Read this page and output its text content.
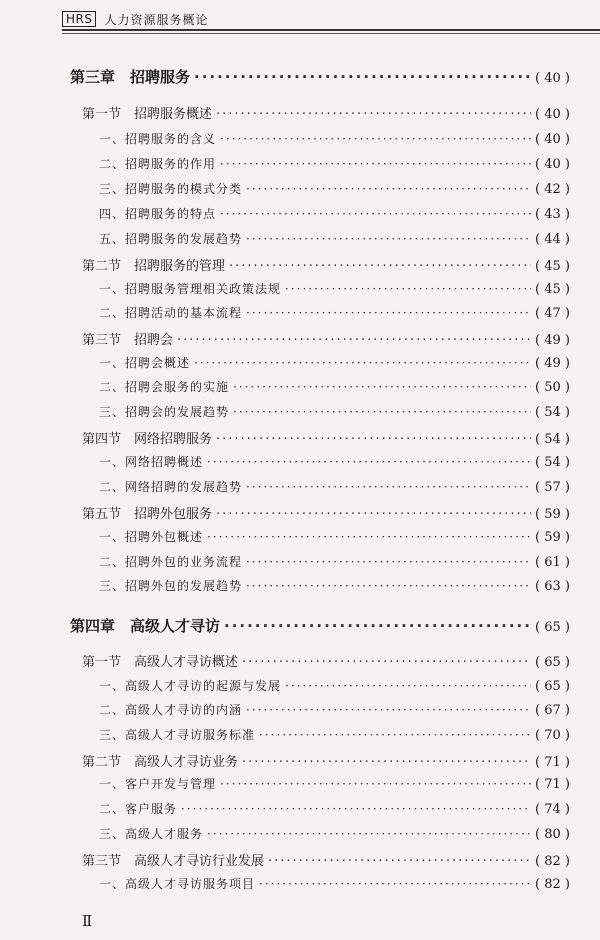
HRS	人力资源服务概论
第三章　招聘服务 ·····	( 40 )
第一节　招聘服务概述 ·····	( 40 )
一、招聘服务的含义 ·····	( 40 )
二、招聘服务的作用 ·····	( 40 )
三、招聘服务的模式分类 ·····	( 42 )
四、招聘服务的特点 ·····	( 43 )
五、招聘服务的发展趋势 ·····	( 44 )
第二节　招聘服务的管理 ·····	( 45 )
一、招聘服务管理相关政策法规 ·····	( 45 )
二、招聘活动的基本流程 ·····	( 47 )
第三节　招聘会 ·····	( 49 )
一、招聘会概述 ·····	( 49 )
二、招聘会服务的实施 ·····	( 50 )
三、招聘会的发展趋势 ·····	( 54 )
第四节　网络招聘服务 ·····	( 54 )
一、网络招聘概述 ·····	( 54 )
二、网络招聘的发展趋势 ·····	( 57 )
第五节　招聘外包服务 ·····	( 59 )
一、招聘外包概述 ·····	( 59 )
二、招聘外包的业务流程 ·····	( 61 )
三、招聘外包的发展趋势 ·····	( 63 )
第四章　高级人才寻访 ·····	( 65 )
第一节　高级人才寻访概述 ·····	( 65 )
一、高级人才寻访的起源与发展 ·····	( 65 )
二、高级人才寻访的内涵 ·····	( 67 )
三、高级人才寻访服务标准 ·····	( 70 )
第二节　高级人才寻访业务 ·····	( 71 )
一、客户开发与管理 ·····	( 71 )
二、客户服务 ·····	( 74 )
三、高级人才服务 ·····	( 80 )
第三节　高级人才寻访行业发展 ·····	( 82 )
一、高级人才寻访服务项目 ·····	( 82 )
Ⅱ
